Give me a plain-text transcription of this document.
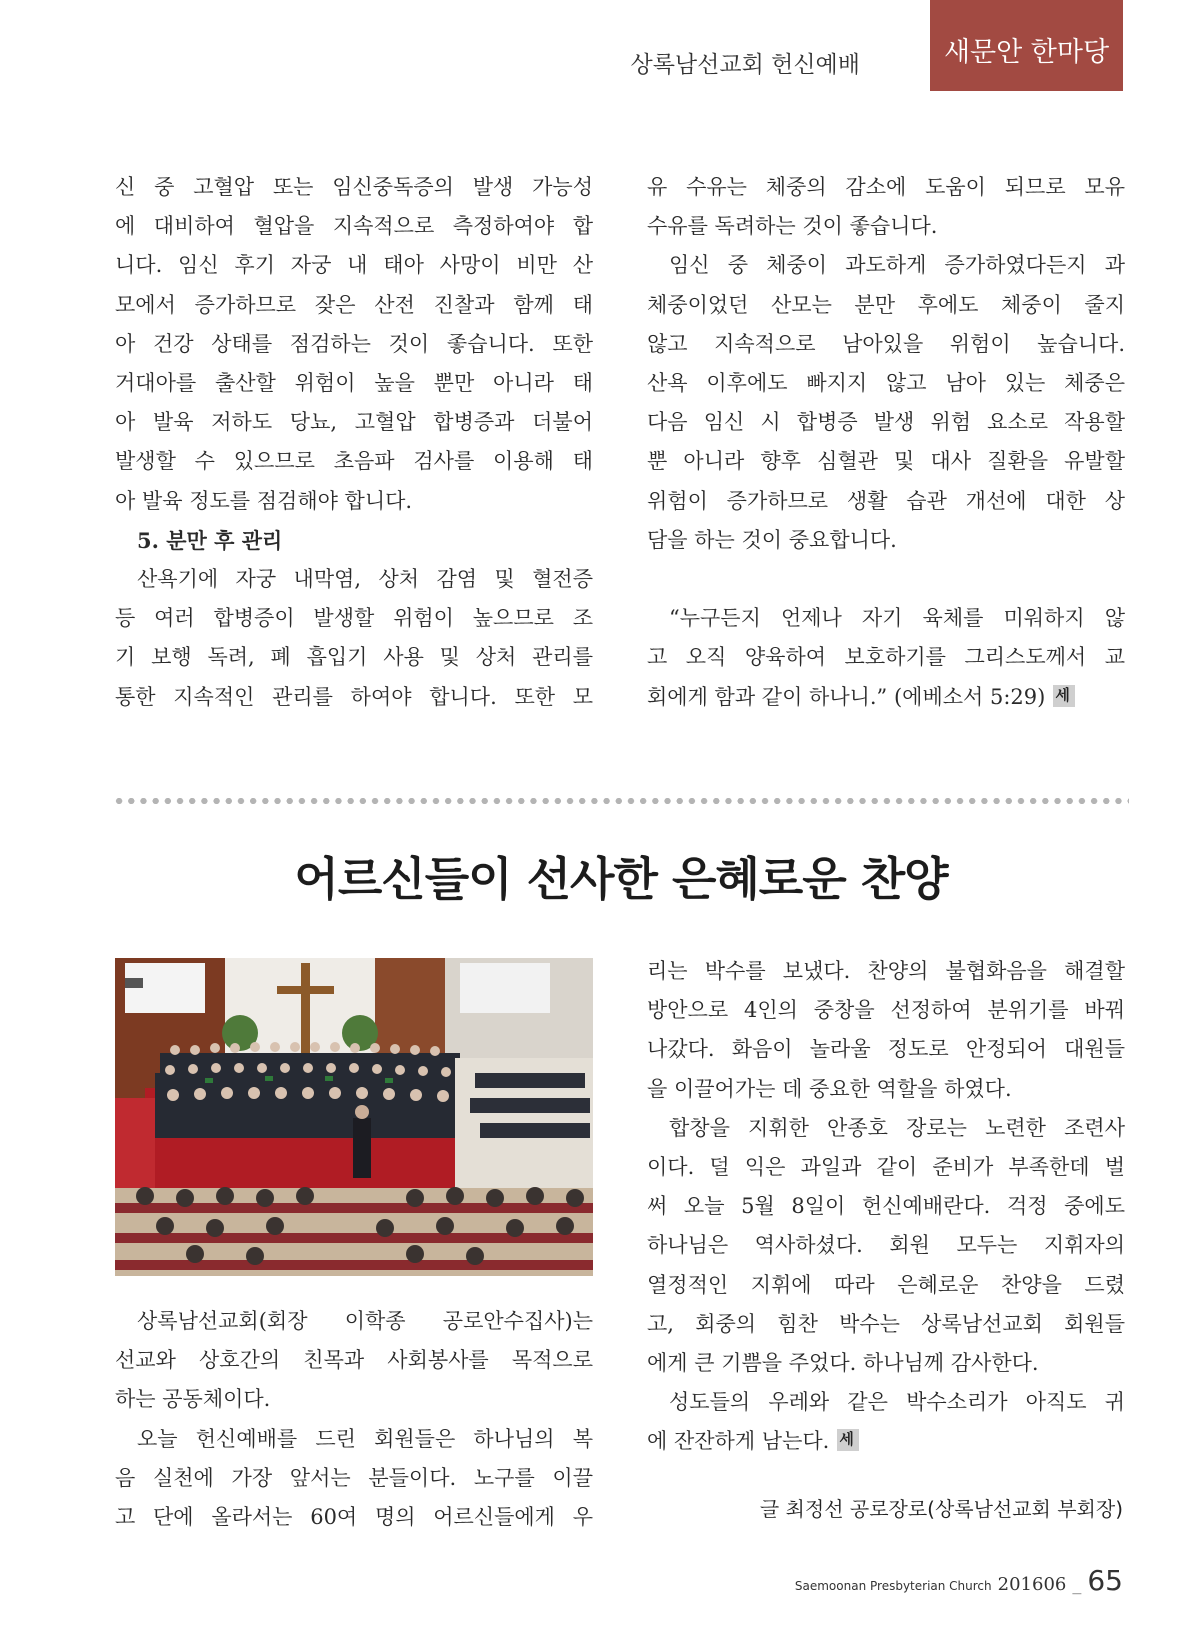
상록남선교회 헌신예배	새문안 한마당

신 중 고혈압 또는 임신중독증의 발생 가능성

에 대비하여 혈압을 지속적으로 측정하여야 합

니다. 임신 후기 자궁 내 태아 사망이 비만 산

모에서 증가하므로 잦은 산전 진찰과 함께 태

아 건강 상태를 점검하는 것이 좋습니다. 또한

거대아를 출산할 위험이 높을 뿐만 아니라 태

아 발육 저하도 당뇨, 고혈압 합병증과 더불어

발생할 수 있으므로 초음파 검사를 이용해 태

아 발육 정도를 점검해야 합니다.

5. 분만 후 관리

산욕기에 자궁 내막염, 상처 감염 및 혈전증

등 여러 합병증이 발생할 위험이 높으므로 조

기 보행 독려, 폐 흡입기 사용 및 상처 관리를

통한 지속적인 관리를 하여야 합니다. 또한 모

유 수유는 체중의 감소에 도움이 되므로 모유

수유를 독려하는 것이 좋습니다.

임신 중 체중이 과도하게 증가하였다든지 과

체중이었던 산모는 분만 후에도 체중이 줄지

않고 지속적으로 남아있을 위험이 높습니다.

산욕 이후에도 빠지지 않고 남아 있는 체중은

다음 임신 시 합병증 발생 위험 요소로 작용할

뿐 아니라 향후 심혈관 및 대사 질환을 유발할

위험이 증가하므로 생활 습관 개선에 대한 상

담을 하는 것이 중요합니다.

“누구든지 언제나 자기 육체를 미워하지 않

고 오직 양육하여 보호하기를 그리스도께서 교

회에게 함과 같이 하나니.” (에베소서 5:29)세

어르신들이 선사한 은혜로운 찬양

상록남선교회(회장 이학종 공로안수집사)는

선교와 상호간의 친목과 사회봉사를 목적으로

하는 공동체이다.

오늘 헌신예배를 드린 회원들은 하나님의 복

음 실천에 가장 앞서는 분들이다. 노구를 이끌

고 단에 올라서는 60여 명의 어르신들에게 우

리는 박수를 보냈다. 찬양의 불협화음을 해결할

방안으로 4인의 중창을 선정하여 분위기를 바꿔

나갔다. 화음이 놀라울 정도로 안정되어 대원들

을 이끌어가는 데 중요한 역할을 하였다.

합창을 지휘한 안종호 장로는 노련한 조련사

이다. 덜 익은 과일과 같이 준비가 부족한데 벌

써 오늘 5월 8일이 헌신예배란다. 걱정 중에도

하나님은 역사하셨다. 회원 모두는 지휘자의

열정적인 지휘에 따라 은혜로운 찬양을 드렸

고, 회중의 힘찬 박수는 상록남선교회 회원들

에게 큰 기쁨을 주었다. 하나님께 감사한다.

성도들의 우레와 같은 박수소리가 아직도 귀

에 잔잔하게 남는다.세

글 최정선 공로장로(상록남선교회 부회장)
Saemoonan Presbyterian Church 201606 _ 65
